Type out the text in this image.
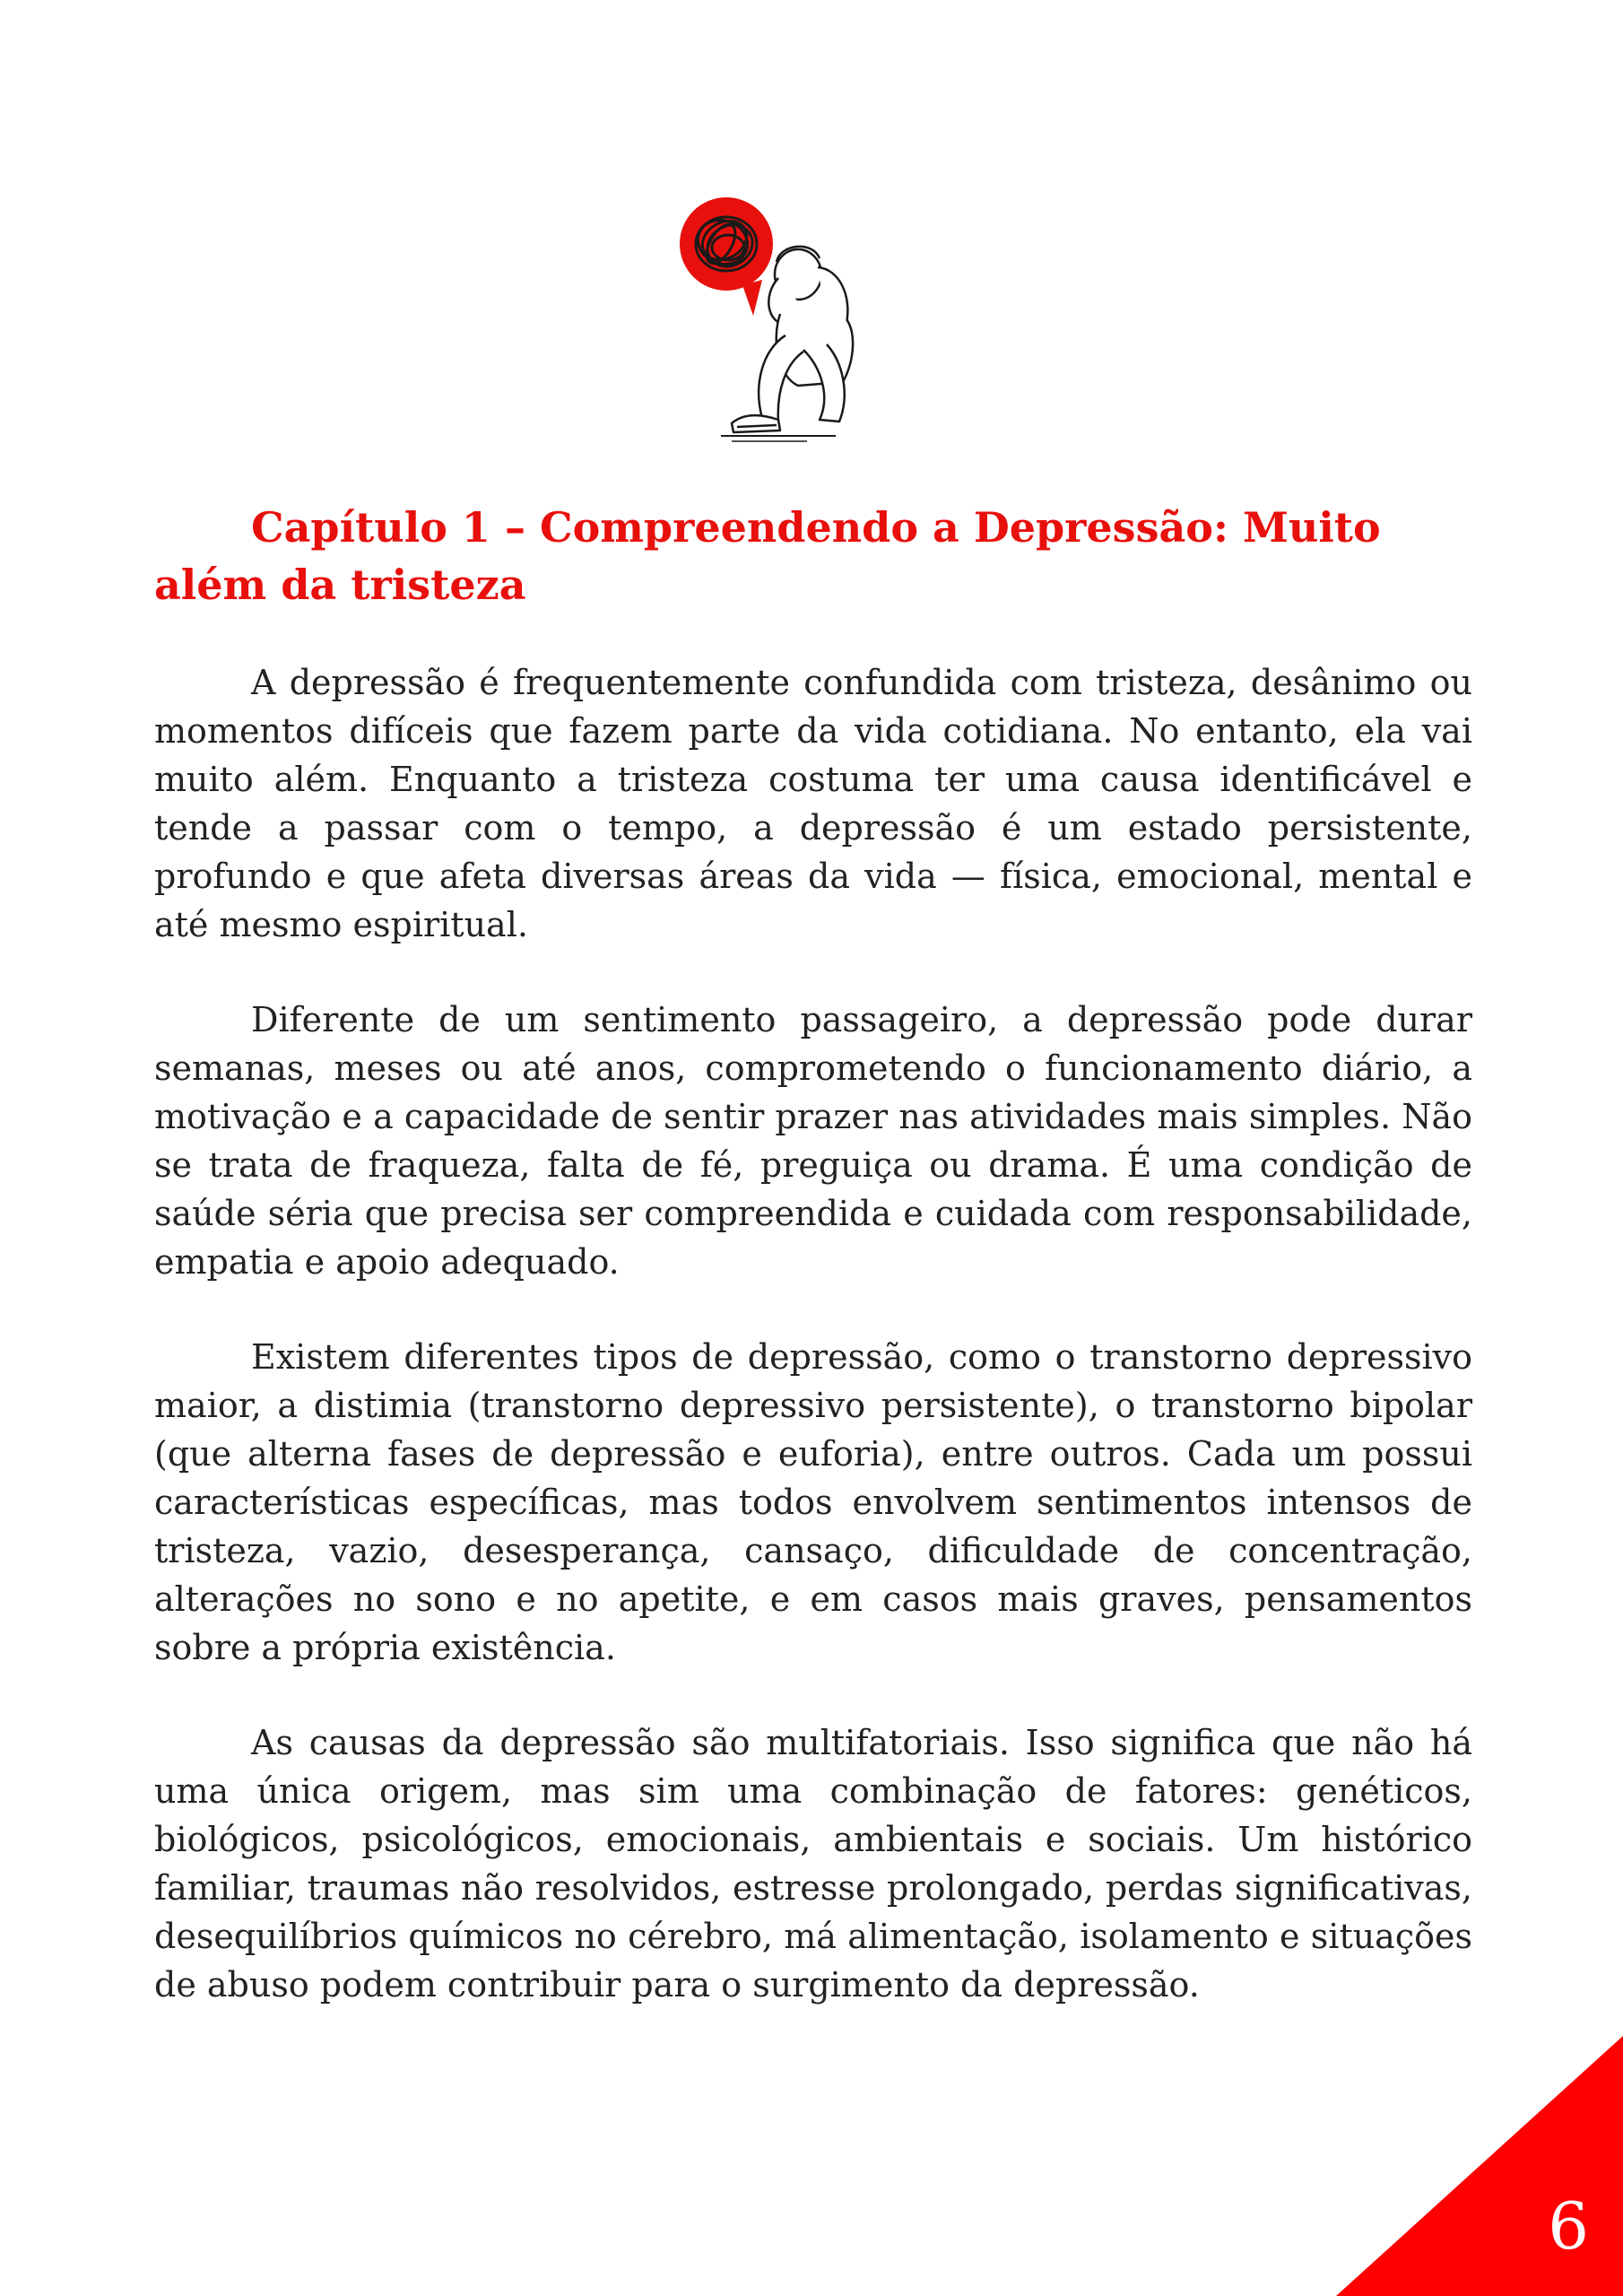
Capítulo 1 – Compreendendo a Depressão: Muito além da tristeza

A depressão é frequentemente confundida com tristeza, desânimo ou momentos difíceis que fazem parte da vida cotidiana. No entanto, ela vai muito além. Enquanto a tristeza costuma ter uma causa identificável e tende a passar com o tempo, a depressão é um estado persistente, profundo e que afeta diversas áreas da vida — física, emocional, mental e até mesmo espiritual.

Diferente de um sentimento passageiro, a depressão pode durar semanas, meses ou até anos, comprometendo o funcionamento diário, a motivação e a capacidade de sentir prazer nas atividades mais simples. Não se trata de fraqueza, falta de fé, preguiça ou drama. É uma condição de saúde séria que precisa ser compreendida e cuidada com responsabilidade, empatia e apoio adequado.

Existem diferentes tipos de depressão, como o transtorno depressivo maior, a distimia (transtorno depressivo persistente), o transtorno bipolar (que alterna fases de depressão e euforia), entre outros. Cada um possui características específicas, mas todos envolvem sentimentos intensos de tristeza, vazio, desesperança, cansaço, dificuldade de concentração, alterações no sono e no apetite, e em casos mais graves, pensamentos sobre a própria existência.

As causas da depressão são multifatoriais. Isso significa que não há uma única origem, mas sim uma combinação de fatores: genéticos, biológicos, psicológicos, emocionais, ambientais e sociais. Um histórico familiar, traumas não resolvidos, estresse prolongado, perdas significativas, desequilíbrios químicos no cérebro, má alimentação, isolamento e situações de abuso podem contribuir para o surgimento da depressão.

6
